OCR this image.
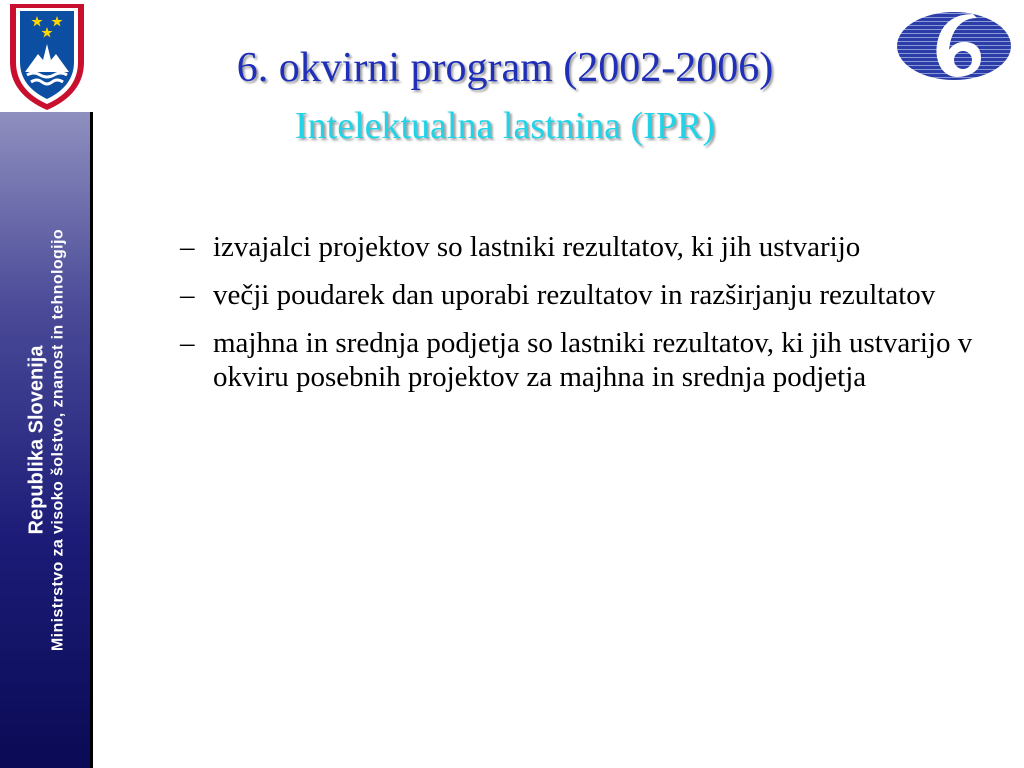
Republika Slovenija Ministrstvo za visoko šolstvo, znanost in tehnologijo
6. okvirni program (2002-2006)
Intelektualna lastnina (IPR)
– izvajalci projektov so lastniki rezultatov, ki jih ustvarijo
– večji poudarek dan uporabi rezultatov in razširjanju rezultatov
– majhna in srednja podjetja so lastniki rezultatov, ki jih ustvarijo v okviru posebnih projektov za majhna in srednja podjetja
